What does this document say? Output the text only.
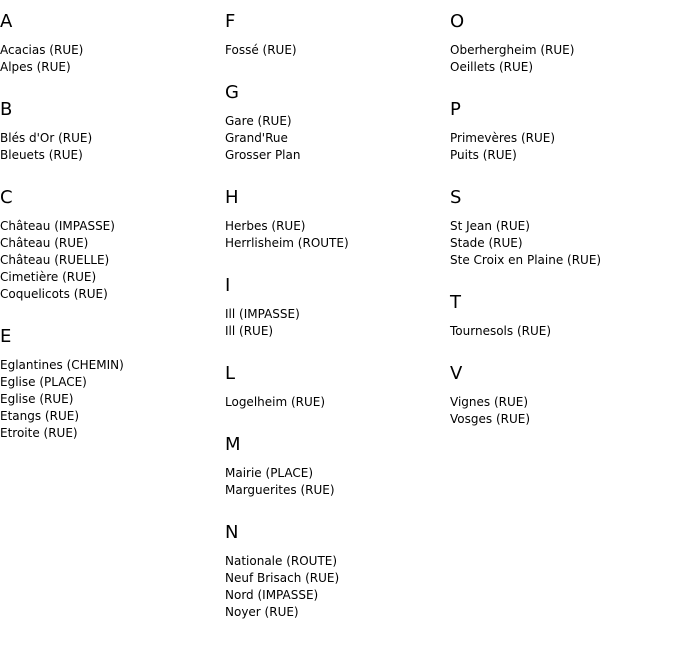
A
Acacias (RUE)
Alpes (RUE)
B
Blés d'Or (RUE)
Bleuets (RUE)
C
Château (IMPASSE)
Château (RUE)
Château (RUELLE)
Cimetière (RUE)
Coquelicots (RUE)
E
Eglantines (CHEMIN)
Eglise (PLACE)
Eglise (RUE)
Etangs (RUE)
Etroite (RUE)
F
Fossé (RUE)
G
Gare (RUE)
Grand'Rue
Grosser Plan
H
Herbes (RUE)
Herrlisheim (ROUTE)
I
Ill (IMPASSE)
Ill (RUE)
L
Logelheim (RUE)
M
Mairie (PLACE)
Marguerites (RUE)
N
Nationale (ROUTE)
Neuf Brisach (RUE)
Nord (IMPASSE)
Noyer (RUE)
O
Oberhergheim (RUE)
Oeillets (RUE)
P
Primevères (RUE)
Puits (RUE)
S
St Jean (RUE)
Stade (RUE)
Ste Croix en Plaine (RUE)
T
Tournesols (RUE)
V
Vignes (RUE)
Vosges (RUE)
